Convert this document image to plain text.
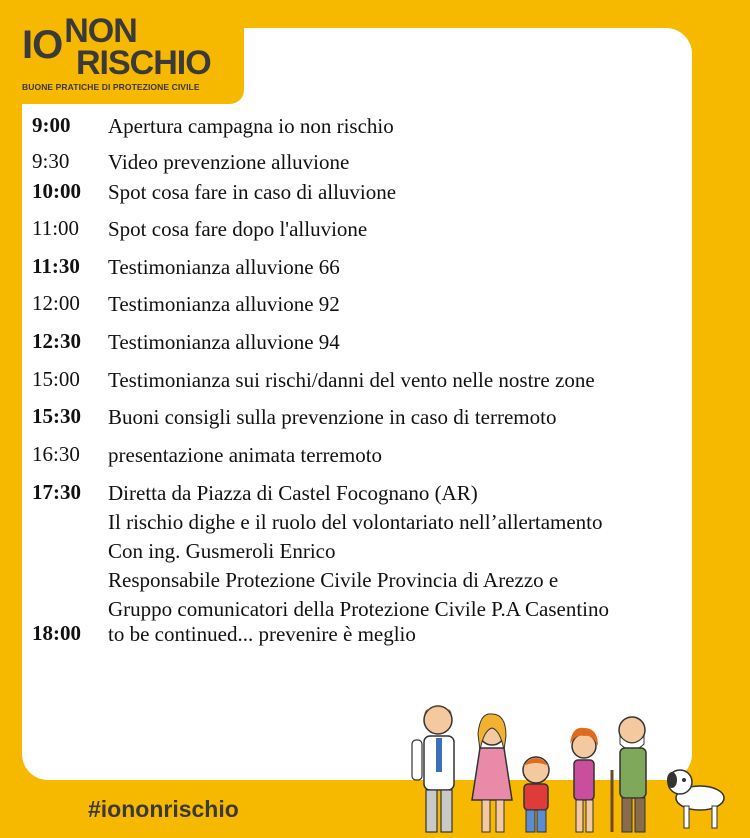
IONON
RISCHIO
BUONE PRATICHE DI PROTEZIONE CIVILE
9:00	Apertura campagna io non rischio
9:30	Video prevenzione alluvione
10:00	Spot cosa fare in caso di alluvione
11:00	Spot cosa fare dopo l'alluvione
11:30	Testimonianza alluvione 66
12:00	Testimonianza alluvione 92
12:30	Testimonianza alluvione 94
15:00	Testimonianza sui rischi/danni del vento nelle nostre zone
15:30	Buoni consigli sulla prevenzione in caso di terremoto
16:30	presentazione animata terremoto
17:30	Diretta da Piazza di Castel Focognano (AR)
Il rischio dighe e il ruolo del volontariato nell’allertamento
Con ing. Gusmeroli Enrico
Responsabile Protezione Civile Provincia di Arezzo e
Gruppo comunicatori della Protezione Civile P.A Casentino
18:00	to be continued... prevenire è meglio
#iononrischio
